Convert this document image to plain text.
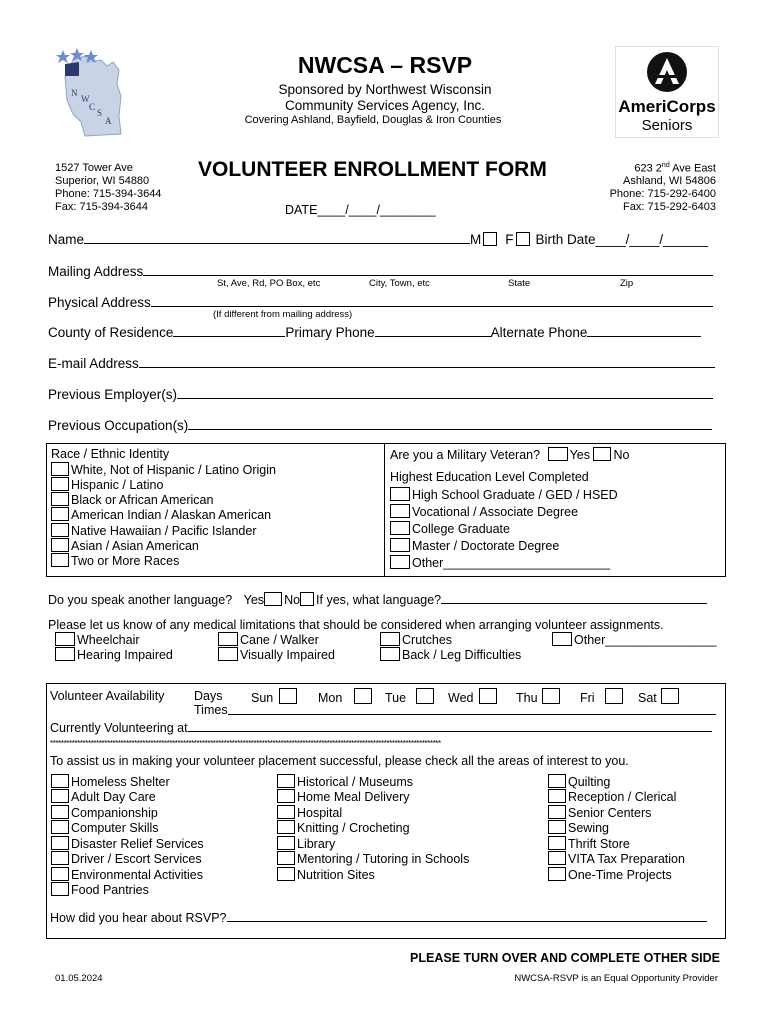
N
W
C
S
A
NWCSA – RSVP
Sponsored by Northwest Wisconsin
Community Services Agency, Inc.
Covering Ashland, Bayfield, Douglas & Iron Counties
AmeriCorps
Seniors
1527 Tower Ave
Superior, WI 54880
Phone: 715-394-3644
Fax: 715-394-3644
623 2nd Ave East
Ashland, WI 54806
Phone: 715-292-6400
Fax: 715-292-6403
VOLUNTEER ENROLLMENT FORM
DATE____/____/________
Name	M F Birth Date____/____/______
Mailing Address
St, Ave, Rd, PO Box, etc	City, Town, etc	State	Zip
Physical Address
(If different from mailing address)
County of Residence	Primary Phone	Alternate Phone
E-mail Address
Previous Employer(s)
Previous Occupation(s)
Race / Ethnic Identity
White, Not of Hispanic / Latino Origin
Hispanic / Latino
Black or African American
American Indian / Alaskan American
Native Hawaiian / Pacific Islander
Asian / Asian American
Two or More Races
Are you a Military Veteran? Yes No
Highest Education Level Completed
High School Graduate / GED / HSED
Vocational / Associate Degree
College Graduate
Master / Doctorate Degree
Other________________________
Do you speak another language? Yes No If yes, what language?
Please let us know of any medical limitations that should be considered when arranging volunteer assignments.
Wheelchair	Cane / Walker	Crutches	Other________________
Hearing Impaired	Visually Impaired	Back / Leg Difficulties
Volunteer Availability Days
Times
Sun	Mon	Tue	Wed	Thu	Fri	Sat
Currently Volunteering at
************************************************************************************************************************************************
To assist us in making your volunteer placement successful, please check all the areas of interest to you.
Homeless Shelter
Adult Day Care
Companionship
Computer Skills
Disaster Relief Services
Driver / Escort Services
Environmental Activities
Food Pantries
Historical / Museums
Home Meal Delivery
Hospital
Knitting / Crocheting
Library
Mentoring / Tutoring in Schools
Nutrition Sites
Quilting
Reception / Clerical
Senior Centers
Sewing
Thrift Store
VITA Tax Preparation
One-Time Projects
How did you hear about RSVP?
PLEASE TURN OVER AND COMPLETE OTHER SIDE
01.05.2024	NWCSA-RSVP is an Equal Opportunity Provider
